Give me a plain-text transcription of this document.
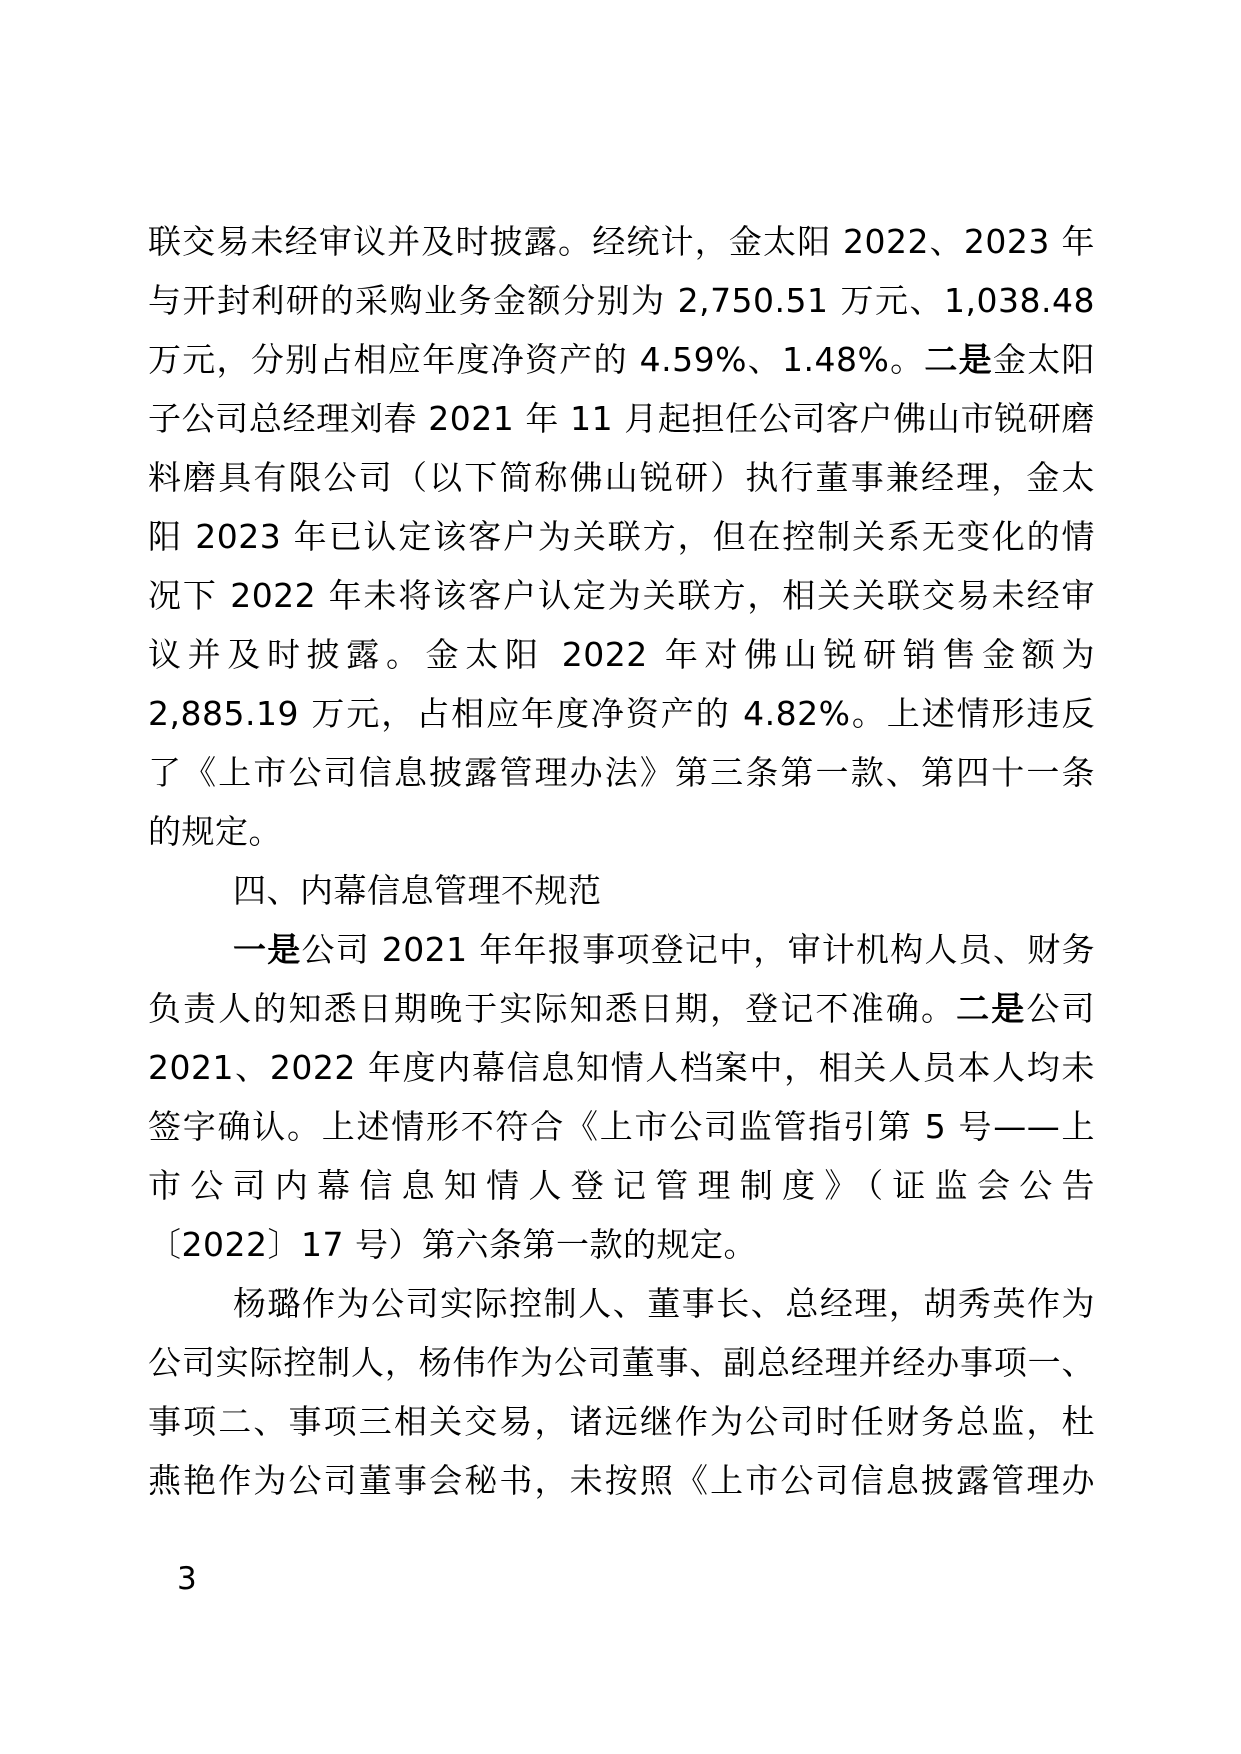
联交易未经审议并及时披露。经统计，金太阳 2022、2023 年
与开封利研的采购业务金额分别为 2,750.51 万元、1,038.48
万元，分别占相应年度净资产的 4.59%、1.48%。二是金太阳
子公司总经理刘春 2021 年 11 月起担任公司客户佛山市锐研磨
料磨具有限公司（以下简称佛山锐研）执行董事兼经理，金太
阳 2023 年已认定该客户为关联方，但在控制关系无变化的情
况下 2022 年未将该客户认定为关联方，相关关联交易未经审
议并及时披露。金太阳 2022 年对佛山锐研销售金额为
2,885.19 万元，占相应年度净资产的 4.82%。上述情形违反
了《上市公司信息披露管理办法》第三条第一款、第四十一条
的规定。
四、内幕信息管理不规范
一是公司 2021 年年报事项登记中，审计机构人员、财务
负责人的知悉日期晚于实际知悉日期，登记不准确。二是公司
2021、2022 年度内幕信息知情人档案中，相关人员本人均未
签字确认。上述情形不符合《上市公司监管指引第 5 号——上
市公司内幕信息知情人登记管理制度》（证监会公告
〔2022〕17 号）第六条第一款的规定。
杨璐作为公司实际控制人、董事长、总经理，胡秀英作为
公司实际控制人，杨伟作为公司董事、副总经理并经办事项一、
事项二、事项三相关交易，诸远继作为公司时任财务总监，杜
燕艳作为公司董事会秘书，未按照《上市公司信息披露管理办
3
